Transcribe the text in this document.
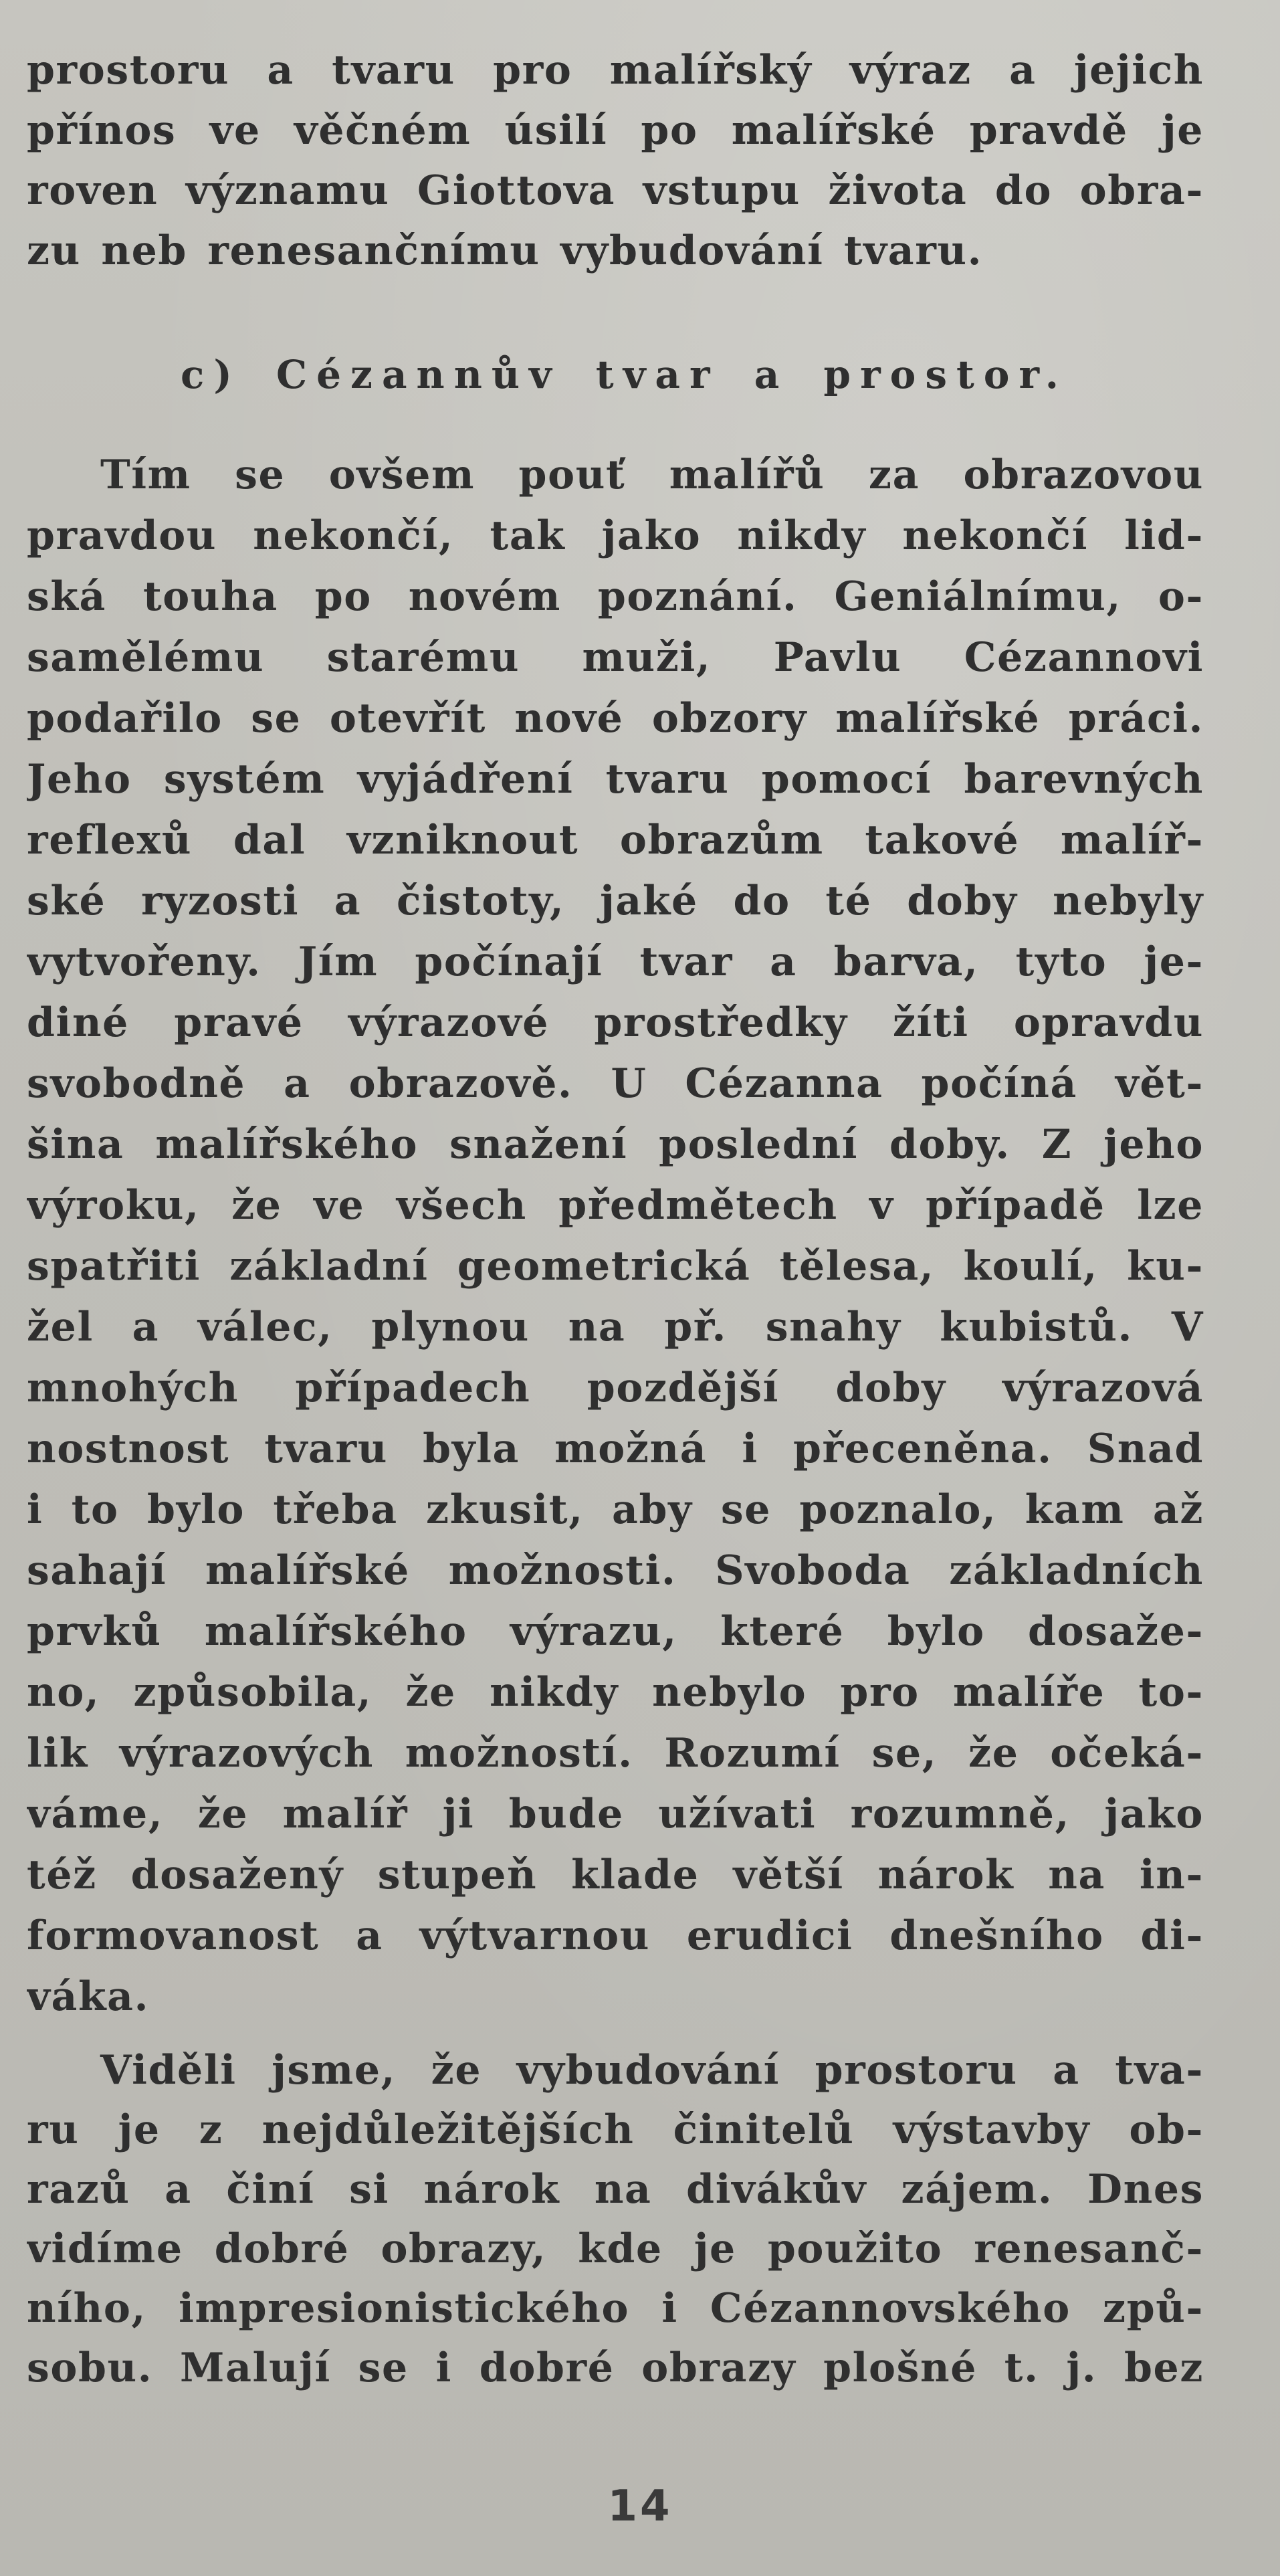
prostoru a tvaru pro malířský výraz a jejich
přínos ve věčném úsilí po malířské pravdě je
roven významu Giottova vstupu života do obra-
zu neb renesančnímu vybudování tvaru.
c) Cézannův tvar a prostor.
Tím se ovšem pouť malířů za obrazovou
pravdou nekončí, tak jako nikdy nekončí lid-
ská touha po novém poznání. Geniálnímu, o-
samělému starému muži, Pavlu Cézannovi
podařilo se otevřít nové obzory malířské práci.
Jeho systém vyjádření tvaru pomocí barevných
reflexů dal vzniknout obrazům takové malíř-
ské ryzosti a čistoty, jaké do té doby nebyly
vytvořeny. Jím počínají tvar a barva, tyto je-
diné pravé výrazové prostředky žíti opravdu
svobodně a obrazově. U Cézanna počíná vět-
šina malířského snažení poslední doby. Z jeho
výroku, že ve všech předmětech v případě lze
spatřiti základní geometrická tělesa, koulí, ku-
žel a válec, plynou na př. snahy kubistů. V
mnohých případech pozdější doby výrazová
nostnost tvaru byla možná i přeceněna. Snad
i to bylo třeba zkusit, aby se poznalo, kam až
sahají malířské možnosti. Svoboda základních
prvků malířského výrazu, které bylo dosaže-
no, způsobila, že nikdy nebylo pro malíře to-
lik výrazových možností. Rozumí se, že očeká-
váme, že malíř ji bude užívati rozumně, jako
též dosažený stupeň klade větší nárok na in-
formovanost a výtvarnou erudici dnešního di-
váka.
Viděli jsme, že vybudování prostoru a tva-
ru je z nejdůležitějších činitelů výstavby ob-
razů a činí si nárok na divákův zájem. Dnes
vidíme dobré obrazy, kde je použito renesanč-
ního, impresionistického i Cézannovského způ-
sobu. Malují se i dobré obrazy plošné t. j. bez
14
